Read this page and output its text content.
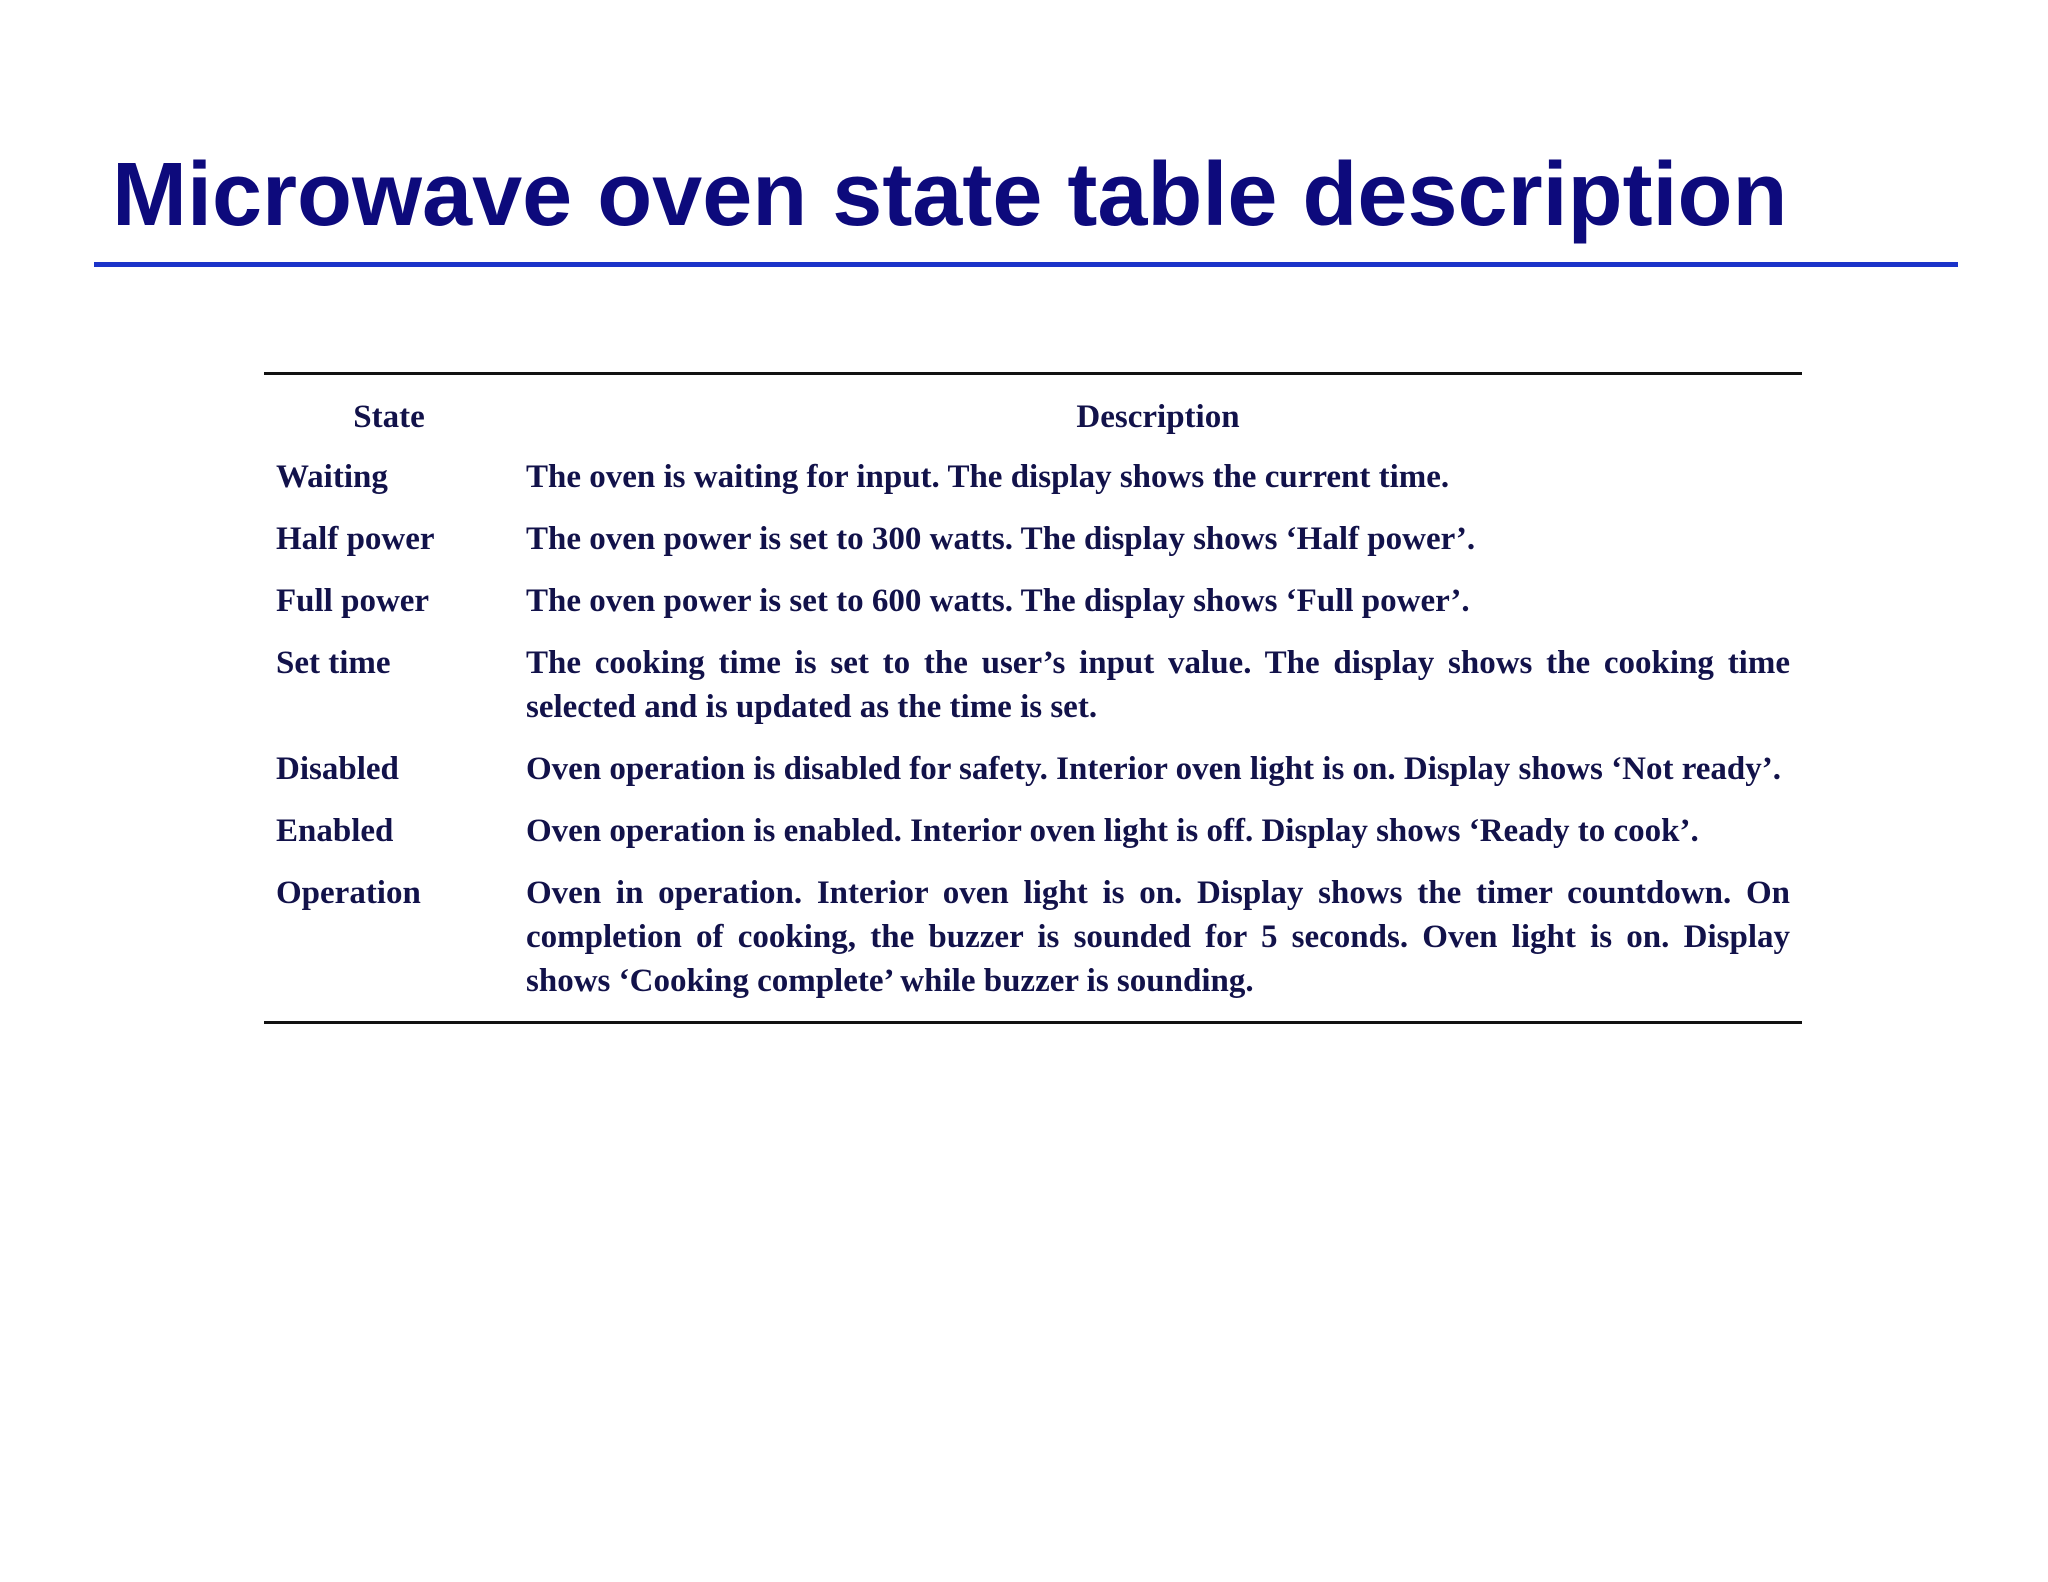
Microwave oven state table description
State	Description
Waiting	The oven is waiting for input. The display shows the current time.
Half power	The oven power is set to 300 watts. The display shows ‘Half power’.
Full power	The oven power is set to 600 watts. The display shows ‘Full power’.
Set time	The cooking time is set to the user’s input value. The display shows the cooking time selected and is updated as the time is set.
Disabled	Oven operation is disabled for safety. Interior oven light is on. Display shows ‘Not ready’.
Enabled	Oven operation is enabled. Interior oven light is off. Display shows ‘Ready to cook’.
Operation	Oven in operation. Interior oven light is on. Display shows the timer countdown. On completion of cooking, the buzzer is sounded for 5 seconds. Oven light is on. Display shows ‘Cooking complete’ while buzzer is sounding.
